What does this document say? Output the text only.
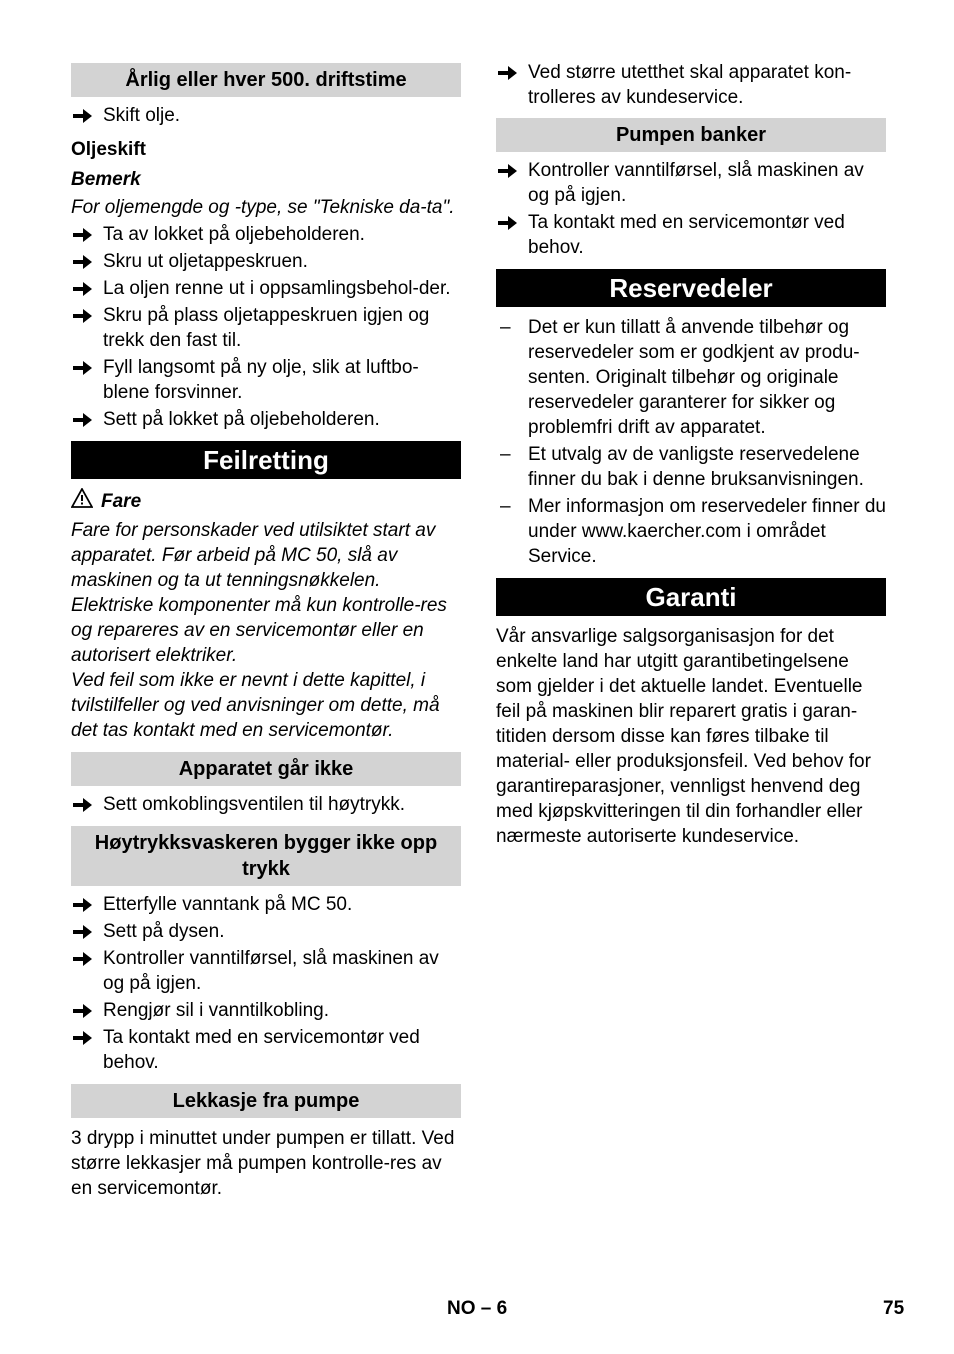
Årlig eller hver 500. driftstime
Skift olje.

Oljeskift

Bemerk

For oljemengde og -type, se "Tekniske da-ta".

Ta av lokket på oljebeholderen.
Skru ut oljetappeskruen.
La oljen renne ut i oppsamlingsbehol-der.
Skru på plass oljetappeskruen igjen og trekk den fast til.
Fyll langsomt på ny olje, slik at luftbo-blene forsvinner.
Sett på lokket på oljebeholderen.
Feilretting
Fare

Fare for personskader ved utilsiktet start av apparatet. Før arbeid på MC 50, slå av maskinen og ta ut tenningsnøkkelen. Elektriske komponenter må kun kontrolle-res og repareres av en servicemontør eller en autorisert elektriker.

Ved feil som ikke er nevnt i dette kapittel, i tvilstilfeller og ved anvisninger om dette, må det tas kontakt med en servicemontør.

Apparatet går ikke
Sett omkoblingsventilen til høytrykk.
Høytrykksvaskeren bygger ikke opp trykk
Etterfylle vanntank på MC 50.
Sett på dysen.
Kontroller vanntilførsel, slå maskinen av og på igjen.
Rengjør sil i vanntilkobling.
Ta kontakt med en servicemontør ved behov.
Lekkasje fra pumpe

3 drypp i minuttet under pumpen er tillatt. Ved større lekkasjer må pumpen kontrolle-res av en servicemontør.

Ved større utetthet skal apparatet kon-trolleres av kundeservice.
Pumpen banker
Kontroller vanntilførsel, slå maskinen av og på igjen.
Ta kontakt med en servicemontør ved behov.
Reservedeler
– Det er kun tillatt å anvende tilbehør og reservedeler som er godkjent av produ-senten. Originalt tilbehør og originale reservedeler garanterer for sikker og problemfri drift av apparatet.
– Et utvalg av de vanligste reservedelene finner du bak i denne bruksanvisningen.
– Mer informasjon om reservedeler finner du under www.kaercher.com i området Service.
Garanti

Vår ansvarlige salgsorganisasjon for det enkelte land har utgitt garantibetingelsene som gjelder i det aktuelle landet. Eventuelle feil på maskinen blir reparert gratis i garan-titiden dersom disse kan føres tilbake til material- eller produksjonsfeil. Ved behov for garantireparasjoner, vennligst henvend deg med kjøpskvitteringen til din forhandler eller nærmeste autoriserte kundeservice.

NO – 6	75
